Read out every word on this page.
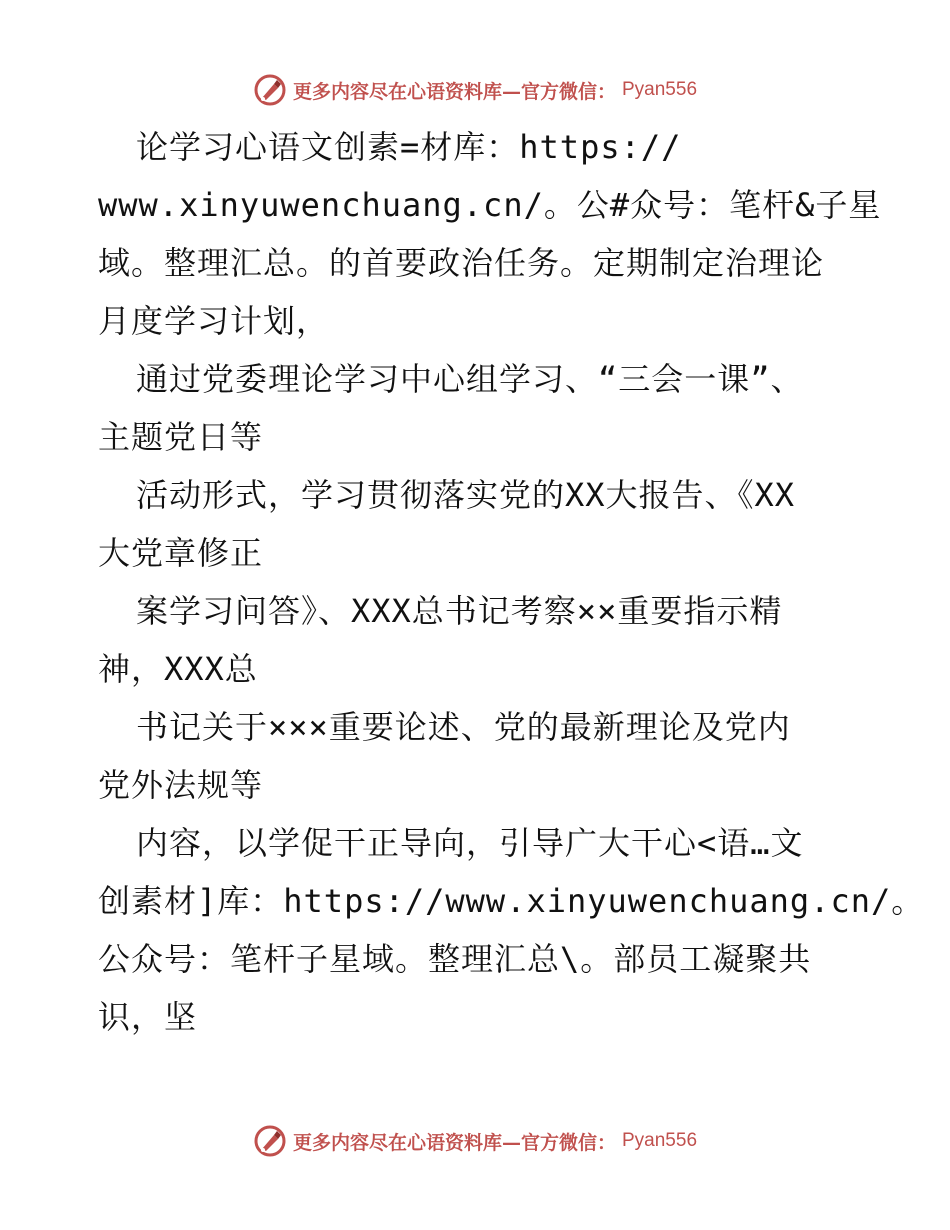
更多内容尽在心语资料库—官方微信： Pyan556
论学习心语文创素=材库：https://
www.xinyuwenchuang.cn/。公#众号：笔杆&子星
域。整理汇总。的首要政治任务。定期制定治理论
月度学习计划，
通过党委理论学习中心组学习、“三会一课”、
主题党日等
活动形式，学习贯彻落实党的XX大报告、《XX
大党章修正
案学习问答》、XXX总书记考察××重要指示精
神，XXX总
书记关于×××重要论述、党的最新理论及党内
党外法规等
内容，以学促干正导向，引导广大干心<语…文
创素材]库：https://www.xinyuwenchuang.cn/。
公众号：笔杆子星域。整理汇总\。部员工凝聚共
识，坚
更多内容尽在心语资料库—官方微信： Pyan556
